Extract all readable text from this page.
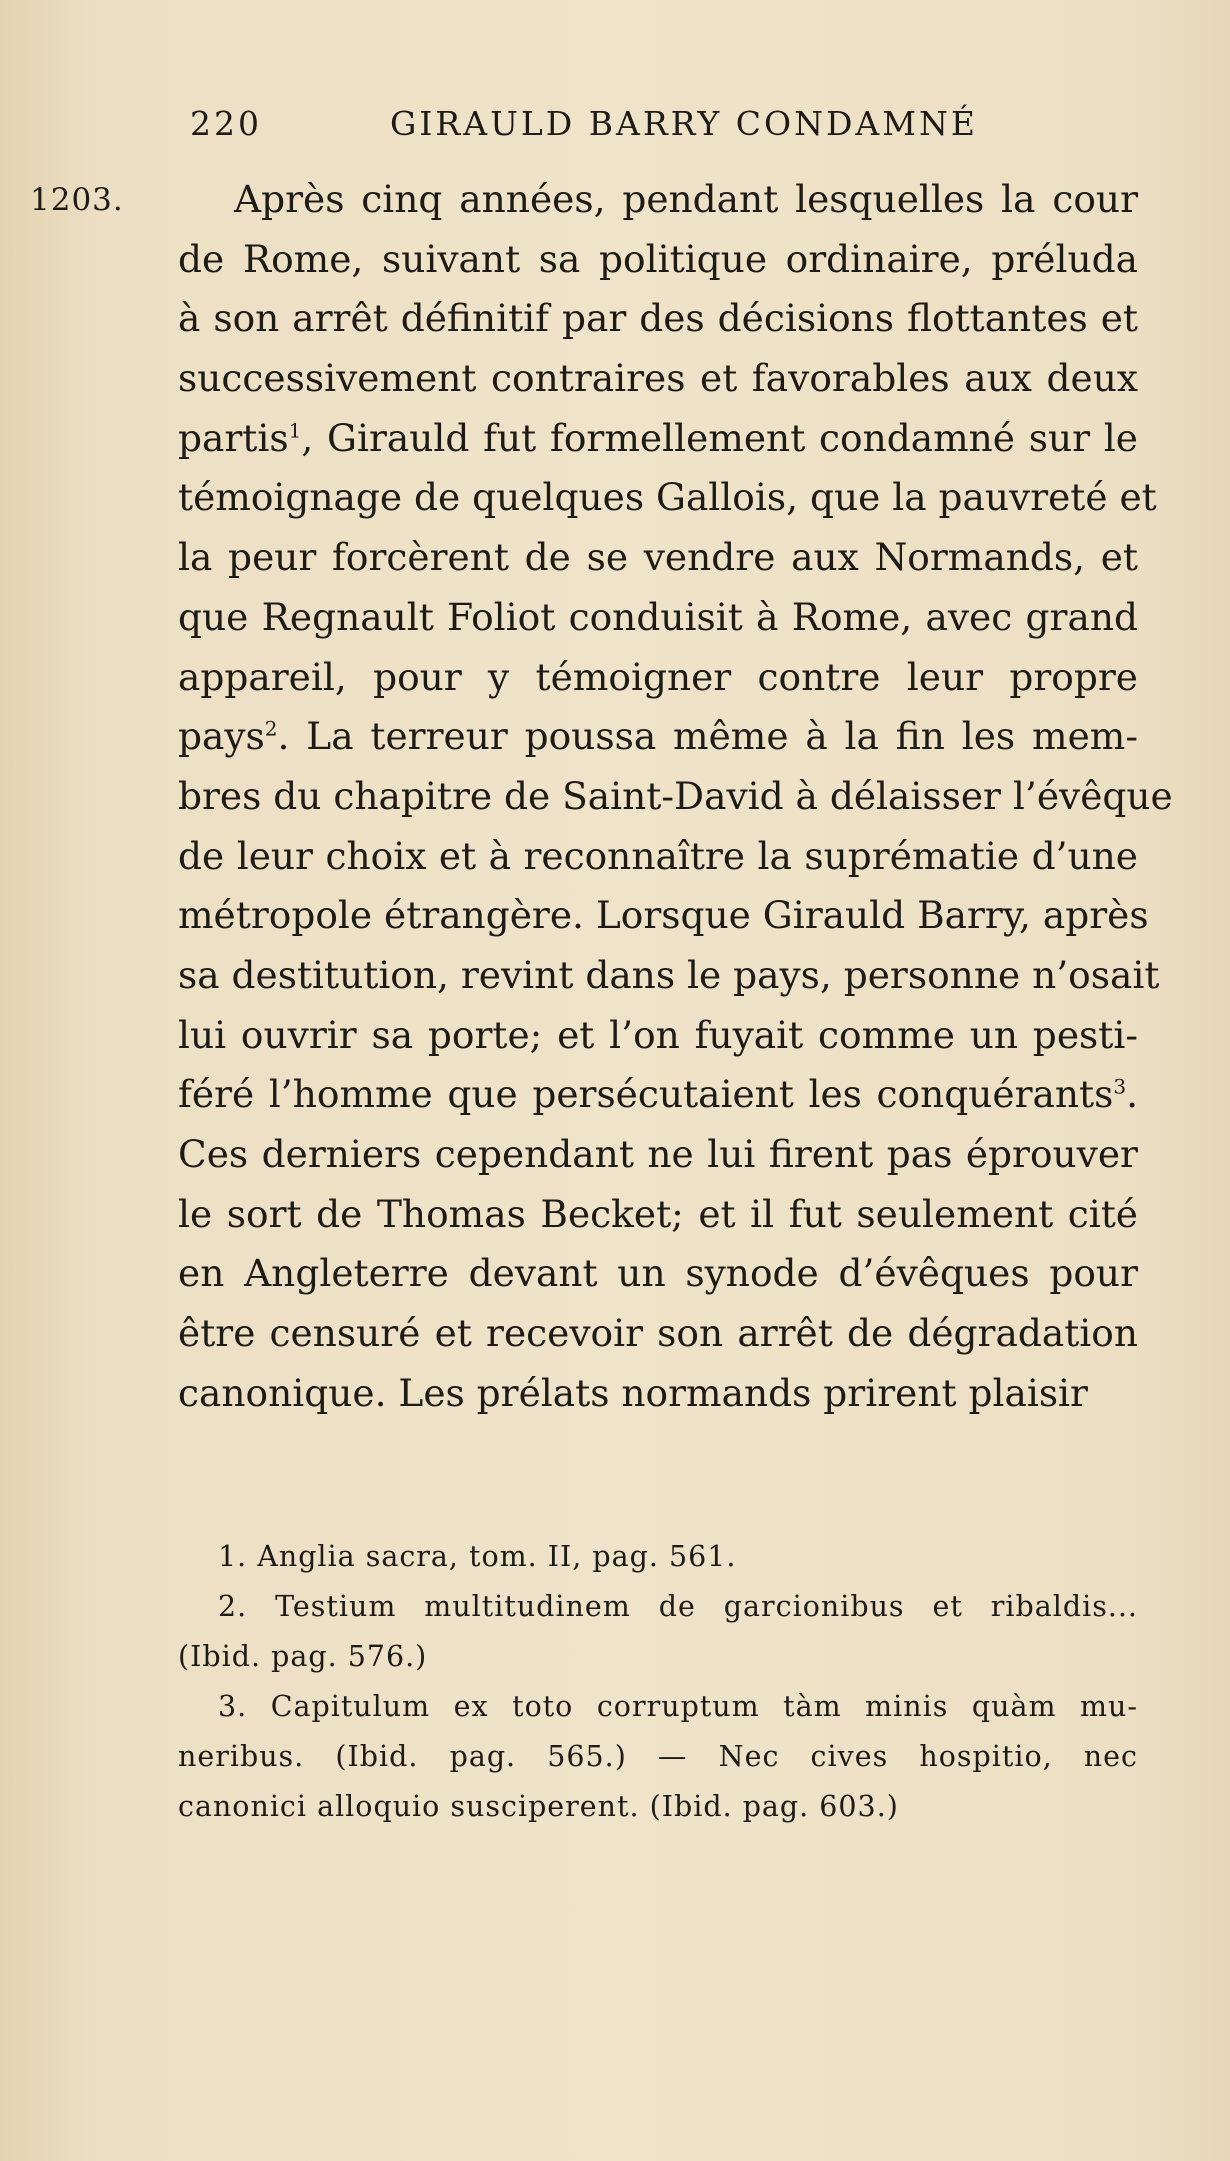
220	GIRAULD BARRY CONDAMNÉ
1203.	Après cinq années, pendant lesquelles la cour
de Rome, suivant sa politique ordinaire, préluda
à son arrêt définitif par des décisions flottantes et
successivement contraires et favorables aux deux
partis$^1$, Girauld fut formellement condamné sur le
témoignage de quelques Gallois, que la pauvreté et
la peur forcèrent de se vendre aux Normands, et
que Regnault Foliot conduisit à Rome, avec grand
appareil, pour y témoigner contre leur propre
pays$^2$. La terreur poussa même à la fin les mem-
bres du chapitre de Saint-David à délaisser l’évêque
de leur choix et à reconnaître la suprématie d’une
métropole étrangère. Lorsque Girauld Barry, après
sa destitution, revint dans le pays, personne n’osait
lui ouvrir sa porte; et l’on fuyait comme un pesti-
féré l’homme que persécutaient les conquérants$^3$.
Ces derniers cependant ne lui firent pas éprouver
le sort de Thomas Becket; et il fut seulement cité
en Angleterre devant un synode d’évêques pour
être censuré et recevoir son arrêt de dégradation
canonique. Les prélats normands prirent plaisir
1. Anglia sacra, tom. II, pag. 561.
2. Testium multitudinem de garcionibus et ribaldis...
(Ibid. pag. 576.)
3. Capitulum ex toto corruptum tàm minis quàm mu-
neribus. (Ibid. pag. 565.) — Nec cives hospitio, nec
canonici alloquio susciperent. (Ibid. pag. 603.)
